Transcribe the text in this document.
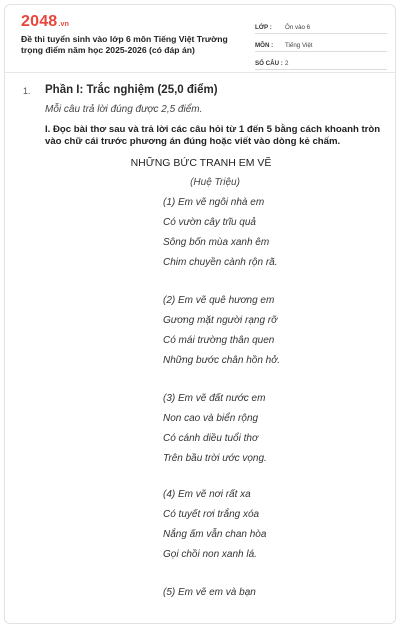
2048.vn
Đề thi tuyển sinh vào lớp 6 môn Tiếng Việt Trường trọng điểm năm học 2025-2026 (có đáp án)
LỚP :	Ôn vào 6
MÔN :	Tiếng Việt
SỐ CÂU : 2
1. Phần I: Trắc nghiệm (25,0 điểm)
Mỗi câu trả lời đúng được 2,5 điểm.
I. Đọc bài thơ sau và trả lời các câu hỏi từ 1 đến 5 bằng cách khoanh tròn vào chữ cái trước phương án đúng hoặc viết vào dòng kẻ chấm.
NHỮNG BỨC TRANH EM VẼ
(Huệ Triệu)
(1) Em vẽ ngôi nhà em
Có vườn cây trĩu quả
Sông bốn mùa xanh êm
Chim chuyền cành rộn rã.
(2) Em vẽ quê hương em
Gương mặt người rạng rỡ
Có mái trường thân quen
Những bước chân hồn hở.
(3) Em vẽ đất nước em
Non cao và biển rộng
Có cánh diều tuổi thơ
Trên bầu trời ước vọng.
(4) Em vẽ nơi rất xa
Có tuyết rơi trắng xóa
Nắng ấm vẫn chan hòa
Gọi chồi non xanh lá.
(5) Em vẽ em và bạn
